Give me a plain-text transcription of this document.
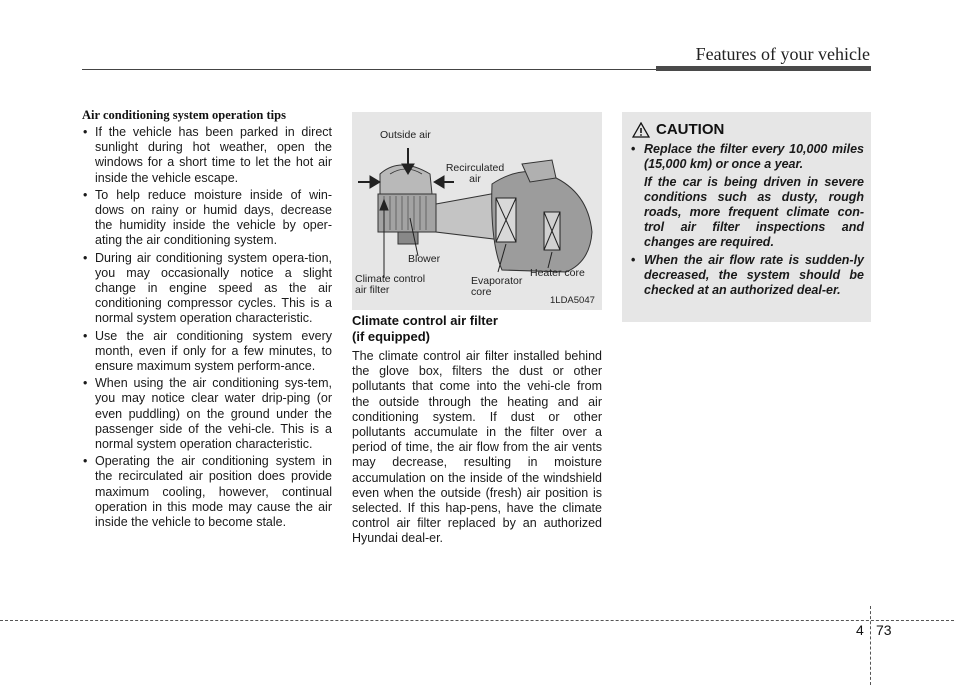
Features of your vehicle
Air conditioning system operation tips
• If the vehicle has been parked in direct sunlight during hot weather, open the windows for a short time to let the hot air inside the vehicle escape.
• To help reduce moisture inside of win-dows on rainy or humid days, decrease the humidity inside the vehicle by oper-ating the air conditioning system.
• During air conditioning system opera-tion, you may occasionally notice a slight change in engine speed as the air conditioning compressor cycles. This is a normal system operation characteristic.
• Use the air conditioning system every month, even if only for a few minutes, to ensure maximum system perform-ance.
• When using the air conditioning sys-tem, you may notice clear water drip-ping (or even puddling) on the ground under the passenger side of the vehi-cle. This is a normal system operation characteristic.
• Operating the air conditioning system in the recirculated air position does provide maximum cooling, however, continual operation in this mode may cause the air inside the vehicle to become stale.
Outside air
Recirculated
air
Blower
Climate control
air filter
Evaporator
core
Heater core
1LDA5047
Climate control air filter
(if equipped)

The climate control air filter installed behind the glove box, filters the dust or other pollutants that come into the vehi-cle from the outside through the heating and air conditioning system. If dust or other pollutants accumulate in the filter over a period of time, the air flow from the air vents may decrease, resulting in moisture accumulation on the inside of the windshield even when the outside (fresh) air position is selected. If this hap-pens, have the climate control air filter replaced by an authorized Hyundai deal-er.

CAUTION

• Replace the filter every 10,000 miles (15,000 km) or once a year.

If the car is being driven in severe conditions such as dusty, rough roads, more frequent climate con-trol air filter inspections and changes are required.

• When the air flow rate is sudden-ly decreased, the system should be checked at an authorized deal-er.
4 73
